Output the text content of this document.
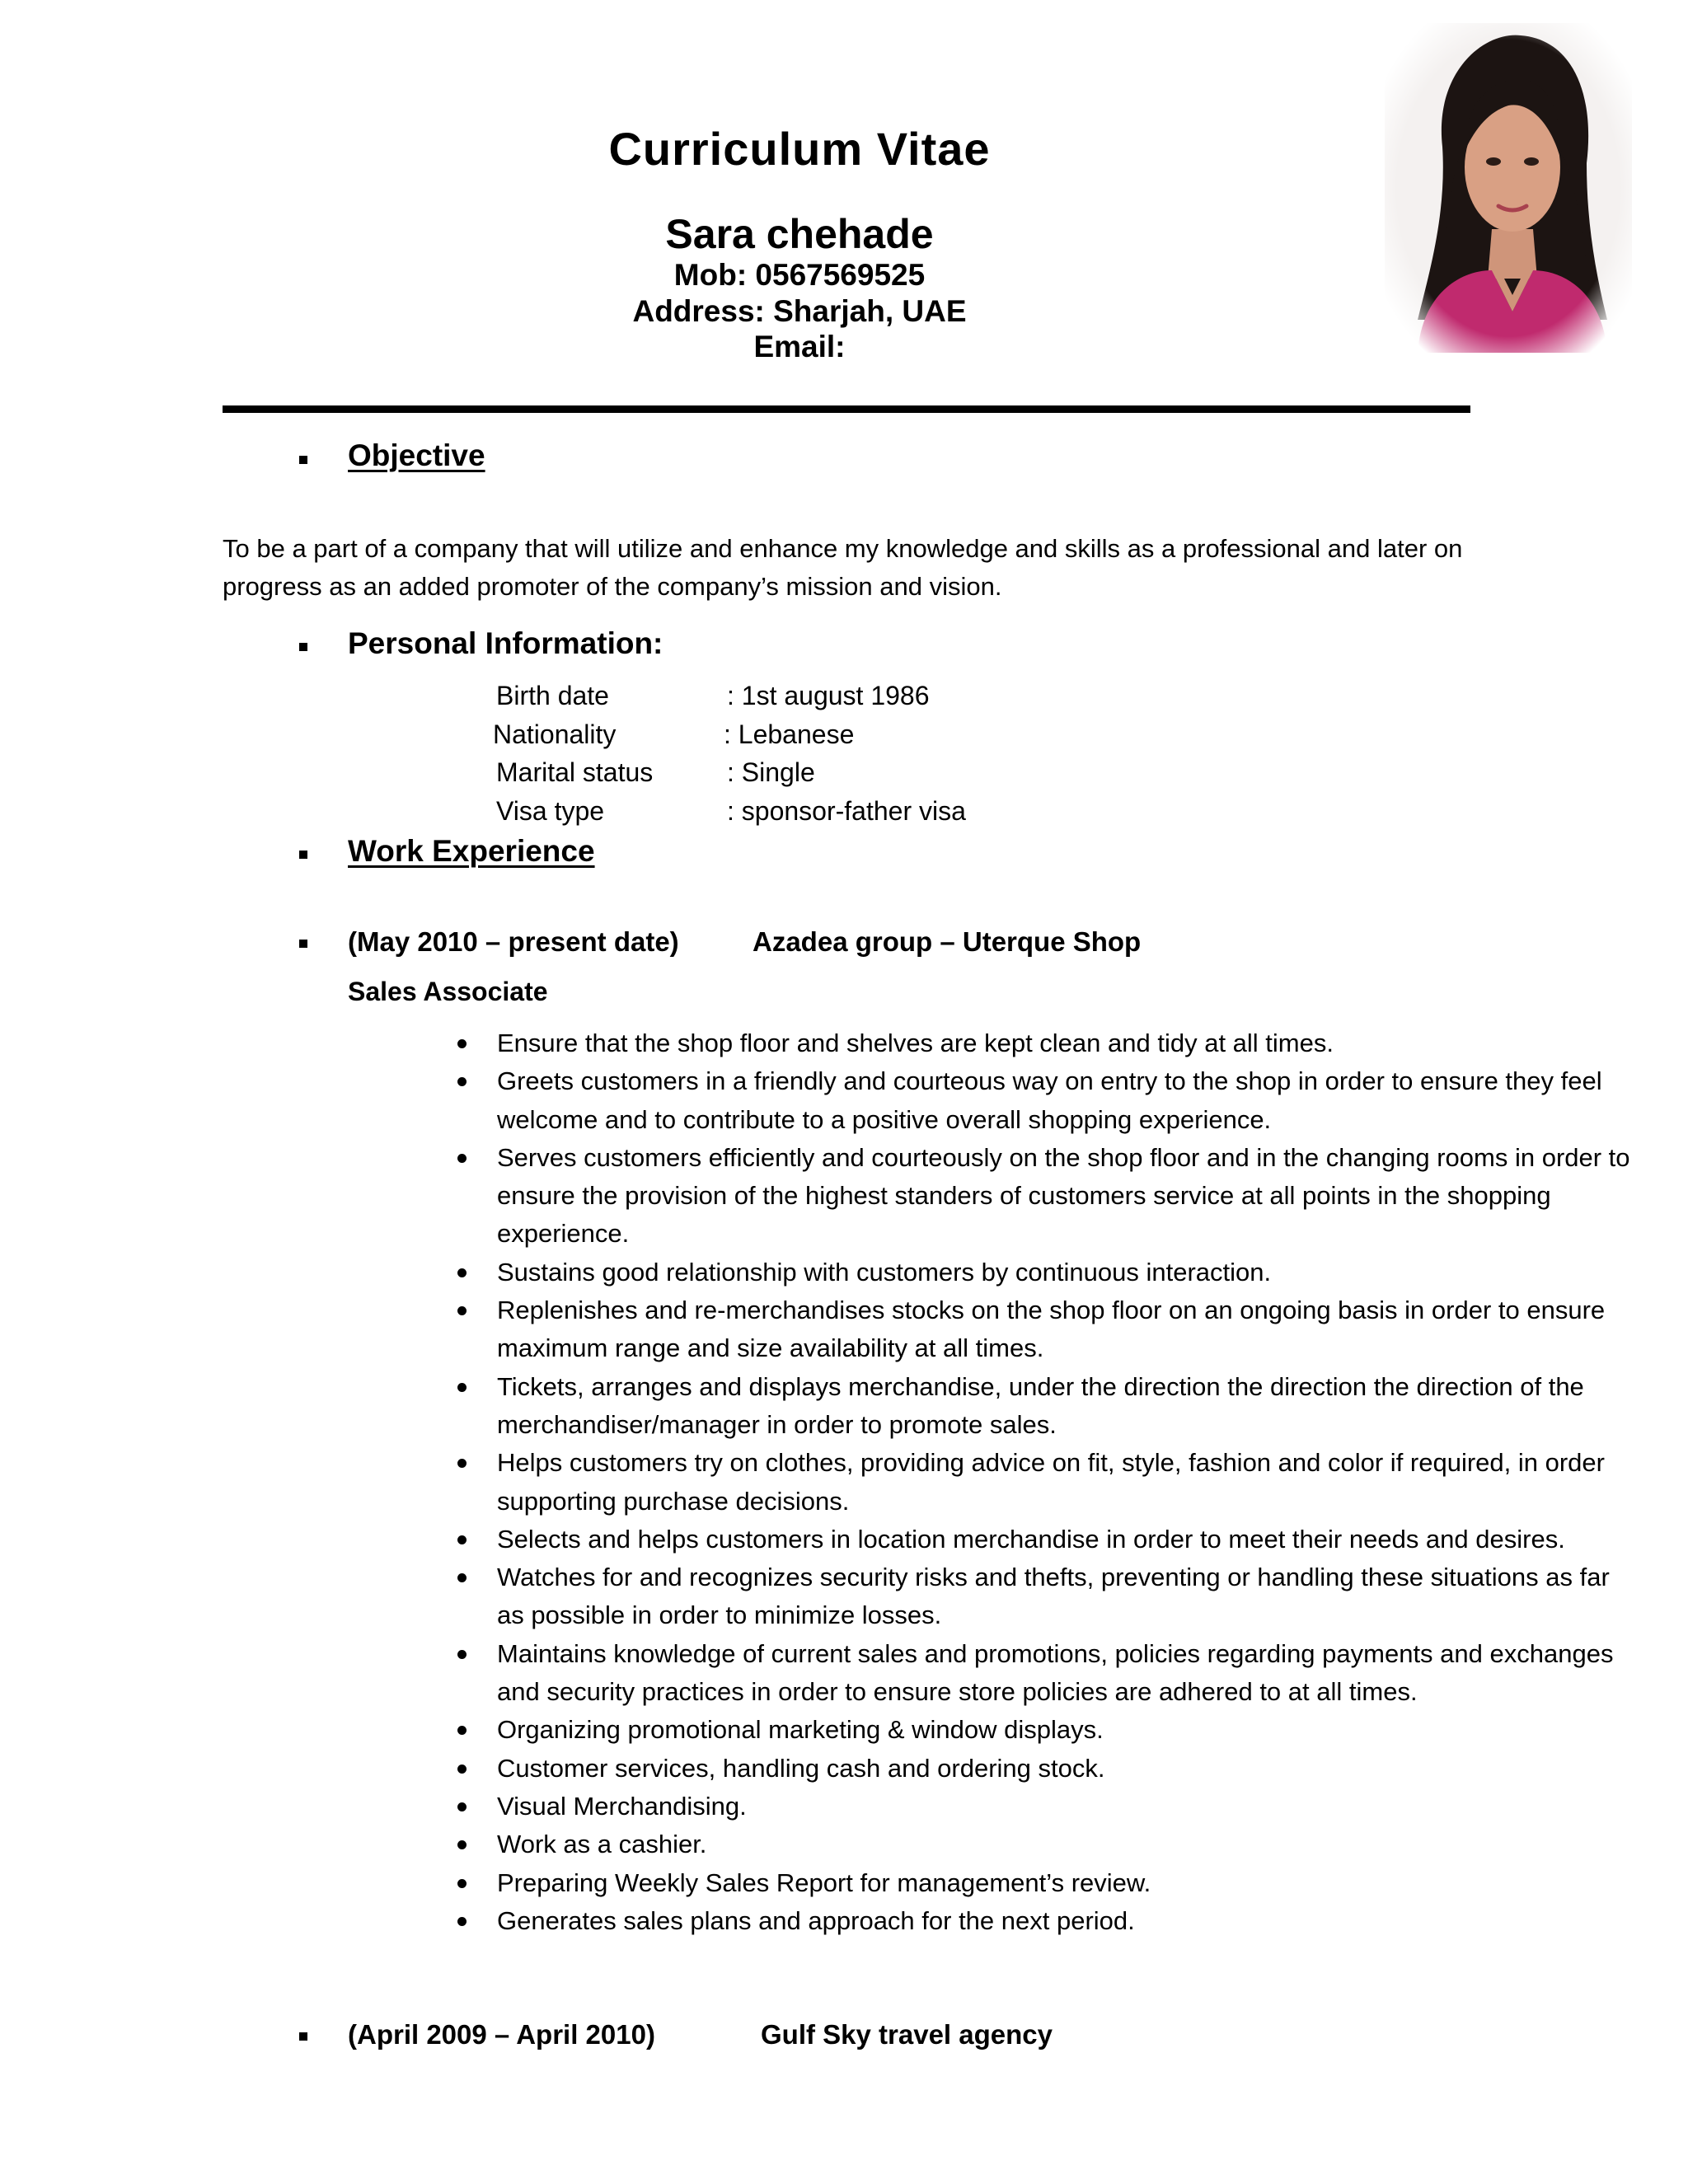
Curriculum Vitae
Sara chehade
Mob: 0567569525
Address: Sharjah, UAE
Email:
Objective
To be a part of a company that will utilize and enhance my knowledge and skills as a professional and later on
progress as an added promoter of the company’s mission and vision.
Personal Information:
Birth date	: 1st august 1986
Nationality	: Lebanese
Marital status	: Single
Visa type	: sponsor-father visa
Work Experience
(May 2010 – present date)	Azadea group – Uterque Shop
Sales Associate
Ensure that the shop floor and shelves are kept clean and tidy at all times.
Greets customers in a friendly and courteous way on entry to the shop in order to ensure they feel welcome and to contribute to a positive overall shopping experience.
Serves customers efficiently and courteously on the shop floor and in the changing rooms in order to ensure the provision of the highest standers of customers service at all points in the shopping experience.
Sustains good relationship with customers by continuous interaction.
Replenishes and re-merchandises stocks on the shop floor on an ongoing basis in order to ensure maximum range and size availability at all times.
Tickets, arranges and displays merchandise, under the direction the direction the direction of the merchandiser/manager in order to promote sales.
Helps customers try on clothes, providing advice on fit, style, fashion and color if required, in order supporting purchase decisions.
Selects and helps customers in location merchandise in order to meet their needs and desires.
Watches for and recognizes security risks and thefts, preventing or handling these situations as far as possible in order to minimize losses.
Maintains knowledge of current sales and promotions, policies regarding payments and exchanges and security practices in order to ensure store policies are adhered to at all times.
Organizing promotional marketing & window displays.
Customer services, handling cash and ordering stock.
Visual Merchandising.
Work as a cashier.
Preparing Weekly Sales Report for management’s review.
Generates sales plans and approach for the next period.
(April 2009 – April 2010)	Gulf Sky travel agency
